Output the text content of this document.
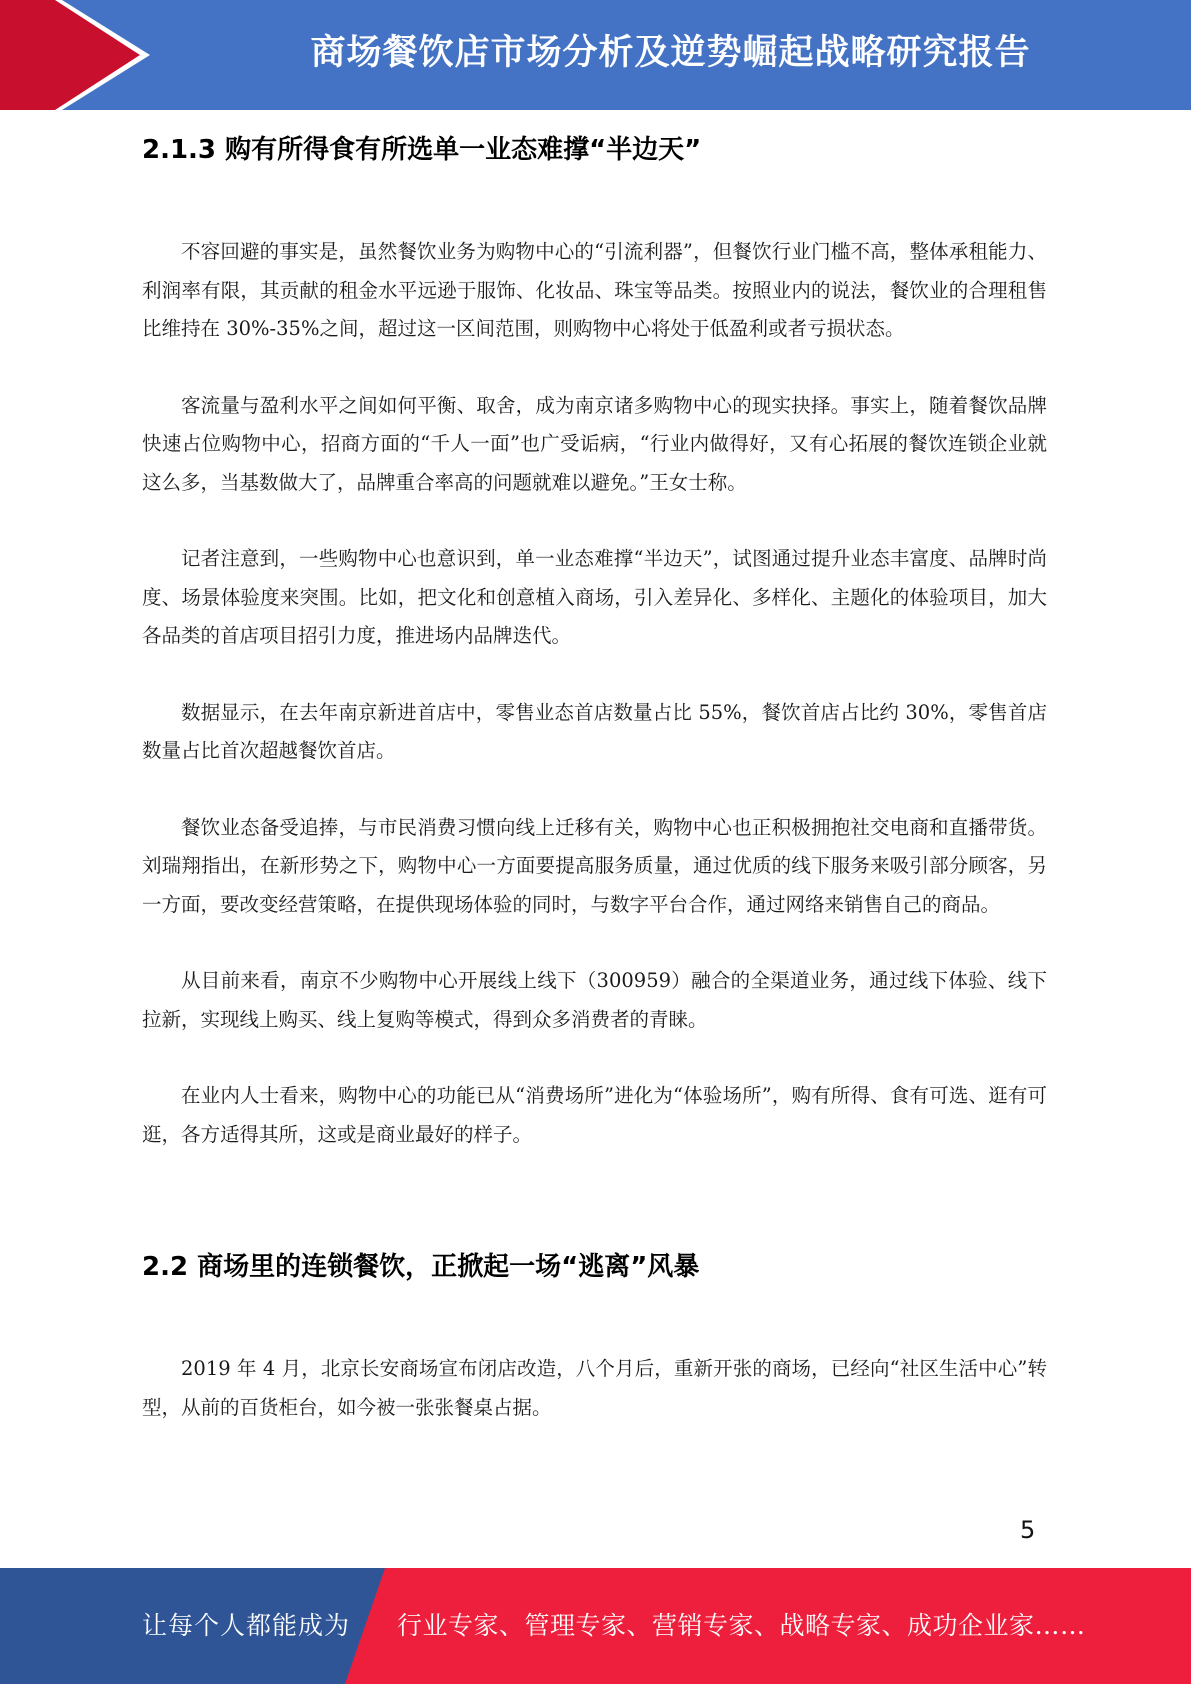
商场餐饮店市场分析及逆势崛起战略研究报告
2.1.3 购有所得食有所选单一业态难撑“半边天”

不容回避的事实是，虽然餐饮业务为购物中心的“引流利器”，但餐饮行业门槛不高，整体承租能力、利润率有限，其贡献的租金水平远逊于服饰、化妆品、珠宝等品类。按照业内的说法，餐饮业的合理租售比维持在 30%-35%之间，超过这一区间范围，则购物中心将处于低盈利或者亏损状态。

客流量与盈利水平之间如何平衡、取舍，成为南京诸多购物中心的现实抉择。事实上，随着餐饮品牌快速占位购物中心，招商方面的“千人一面”也广受诟病，“行业内做得好，又有心拓展的餐饮连锁企业就这么多，当基数做大了，品牌重合率高的问题就难以避免。”王女士称。

记者注意到，一些购物中心也意识到，单一业态难撑“半边天”，试图通过提升业态丰富度、品牌时尚度、场景体验度来突围。比如，把文化和创意植入商场，引入差异化、多样化、主题化的体验项目，加大各品类的首店项目招引力度，推进场内品牌迭代。

数据显示，在去年南京新进首店中，零售业态首店数量占比 55%，餐饮首店占比约 30%，零售首店数量占比首次超越餐饮首店。

餐饮业态备受追捧，与市民消费习惯向线上迁移有关，购物中心也正积极拥抱社交电商和直播带货。刘瑞翔指出，在新形势之下，购物中心一方面要提高服务质量，通过优质的线下服务来吸引部分顾客，另一方面，要改变经营策略，在提供现场体验的同时，与数字平台合作，通过网络来销售自己的商品。

从目前来看，南京不少购物中心开展线上线下（300959）融合的全渠道业务，通过线下体验、线下拉新，实现线上购买、线上复购等模式，得到众多消费者的青睐。

在业内人士看来，购物中心的功能已从“消费场所”进化为“体验场所”，购有所得、食有可选、逛有可逛，各方适得其所，这或是商业最好的样子。

2.2 商场里的连锁餐饮，正掀起一场“逃离”风暴

2019 年 4 月，北京长安商场宣布闭店改造，八个月后，重新开张的商场，已经向“社区生活中心”转型，从前的百货柜台，如今被一张张餐桌占据。

5
让每个人都能成为 行业专家、管理专家、营销专家、战略专家、成功企业家……
